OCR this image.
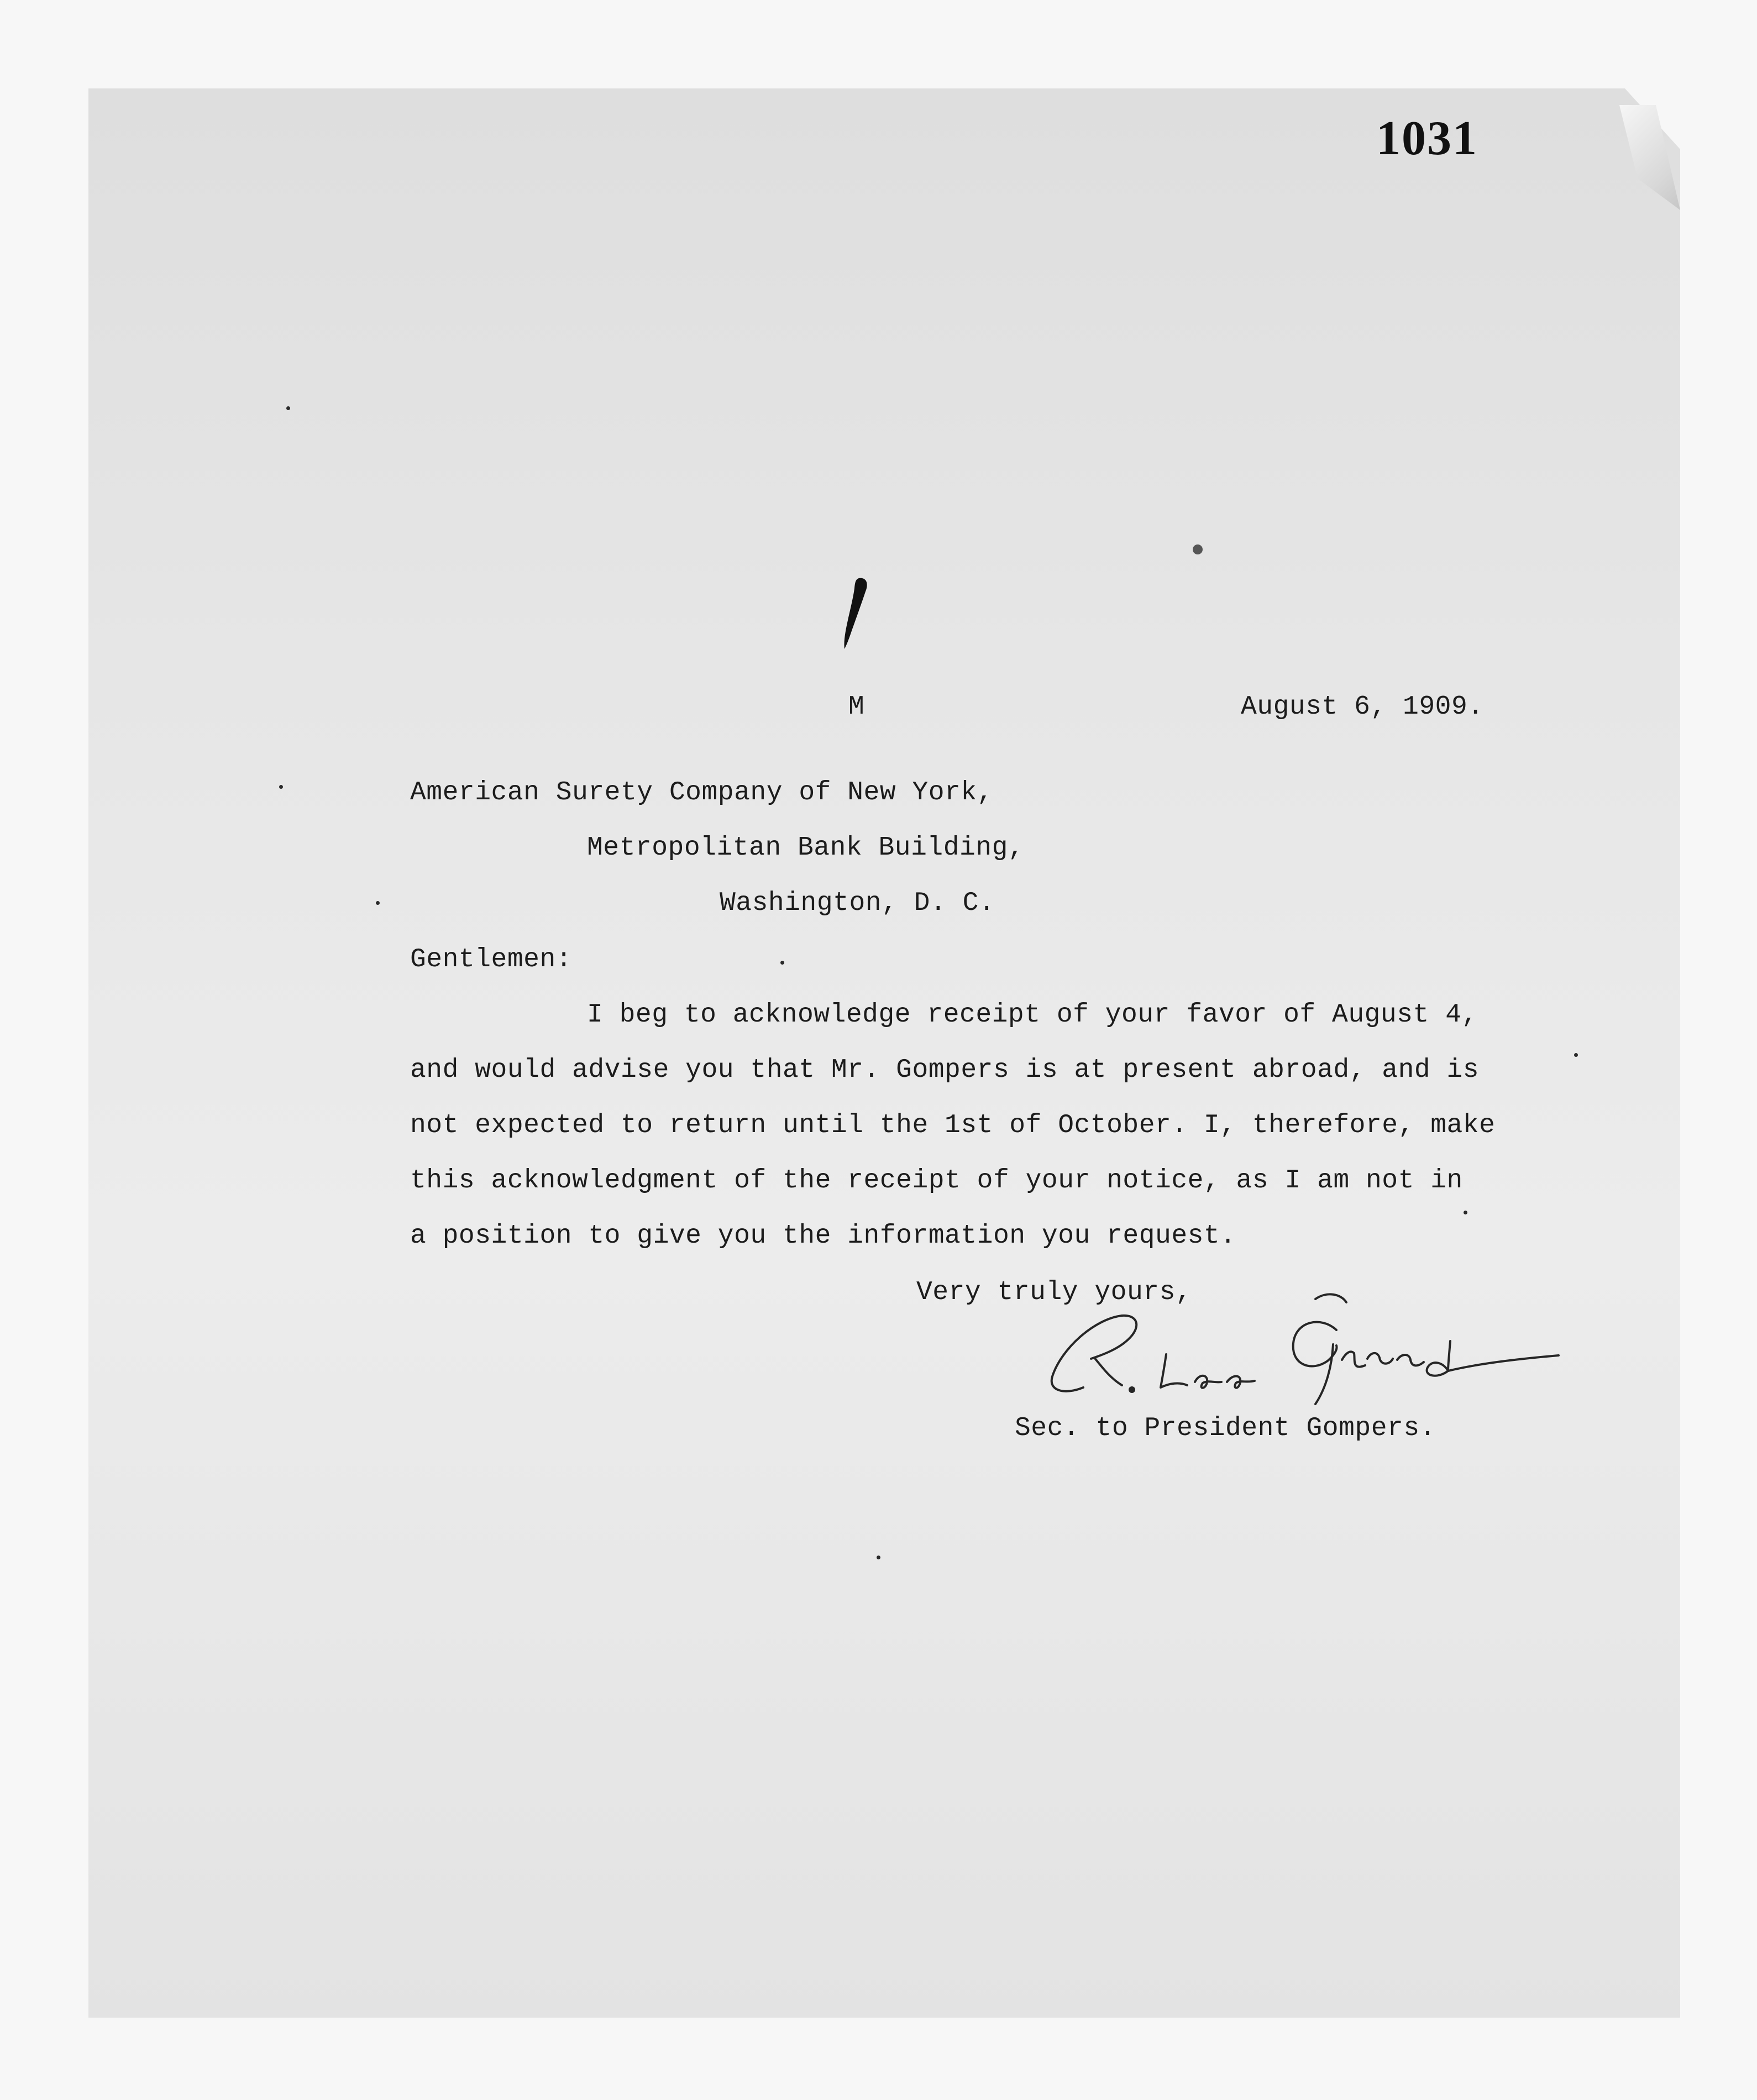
1031
M	August 6, 1909.
American Surety Company of New York,
Metropolitan Bank Building,
Washington, D. C.
Gentlemen:
I beg to acknowledge receipt of your favor of August 4,
and would advise you that Mr. Gompers is at present abroad, and is
not expected to return until the 1st of October. I, therefore, make
this acknowledgment of the receipt of your notice, as I am not in
a position to give you the information you request.
Very truly yours,
Sec. to President Gompers.
